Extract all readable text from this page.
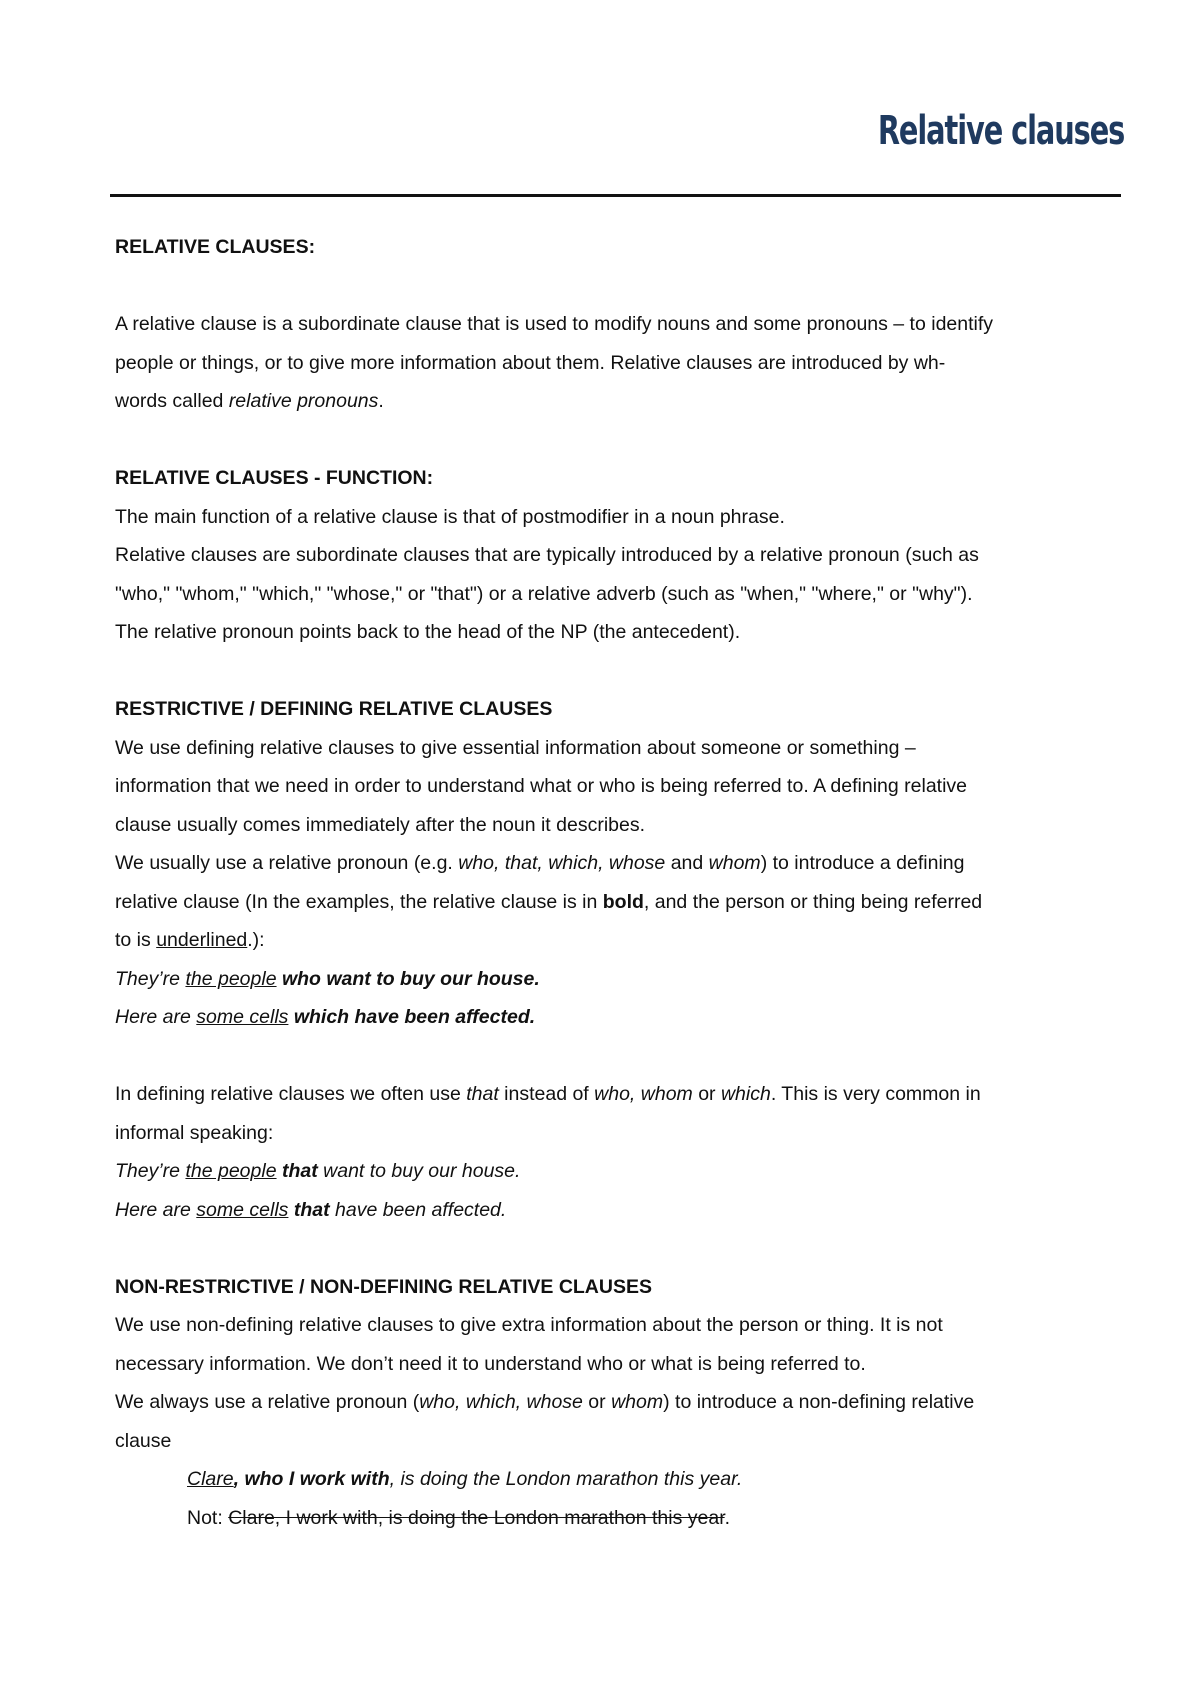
Relative clauses
RELATIVE CLAUSES:

A relative clause is a subordinate clause that is used to modify nouns and some pronouns – to identify

people or things, or to give more information about them. Relative clauses are introduced by wh-

words called relative pronouns.

RELATIVE CLAUSES - FUNCTION:

The main function of a relative clause is that of postmodifier in a noun phrase.

Relative clauses are subordinate clauses that are typically introduced by a relative pronoun (such as

"who," "whom," "which," "whose," or "that") or a relative adverb (such as "when," "where," or "why").

The relative pronoun points back to the head of the NP (the antecedent).

RESTRICTIVE / DEFINING RELATIVE CLAUSES

We use defining relative clauses to give essential information about someone or something –

information that we need in order to understand what or who is being referred to. A defining relative

clause usually comes immediately after the noun it describes.

We usually use a relative pronoun (e.g. who, that, which, whose and whom) to introduce a defining

relative clause (In the examples, the relative clause is in bold, and the person or thing being referred

to is underlined.):

They’re the people who want to buy our house.

Here are some cells which have been affected.

In defining relative clauses we often use that instead of who, whom or which. This is very common in

informal speaking:

They’re the people that want to buy our house.

Here are some cells that have been affected.

NON-RESTRICTIVE / NON-DEFINING RELATIVE CLAUSES

We use non-defining relative clauses to give extra information about the person or thing. It is not

necessary information. We don’t need it to understand who or what is being referred to.

We always use a relative pronoun (who, which, whose or whom) to introduce a non-defining relative

clause

Clare, who I work with, is doing the London marathon this year.

Not: Clare, I work with, is doing the London marathon this year.
